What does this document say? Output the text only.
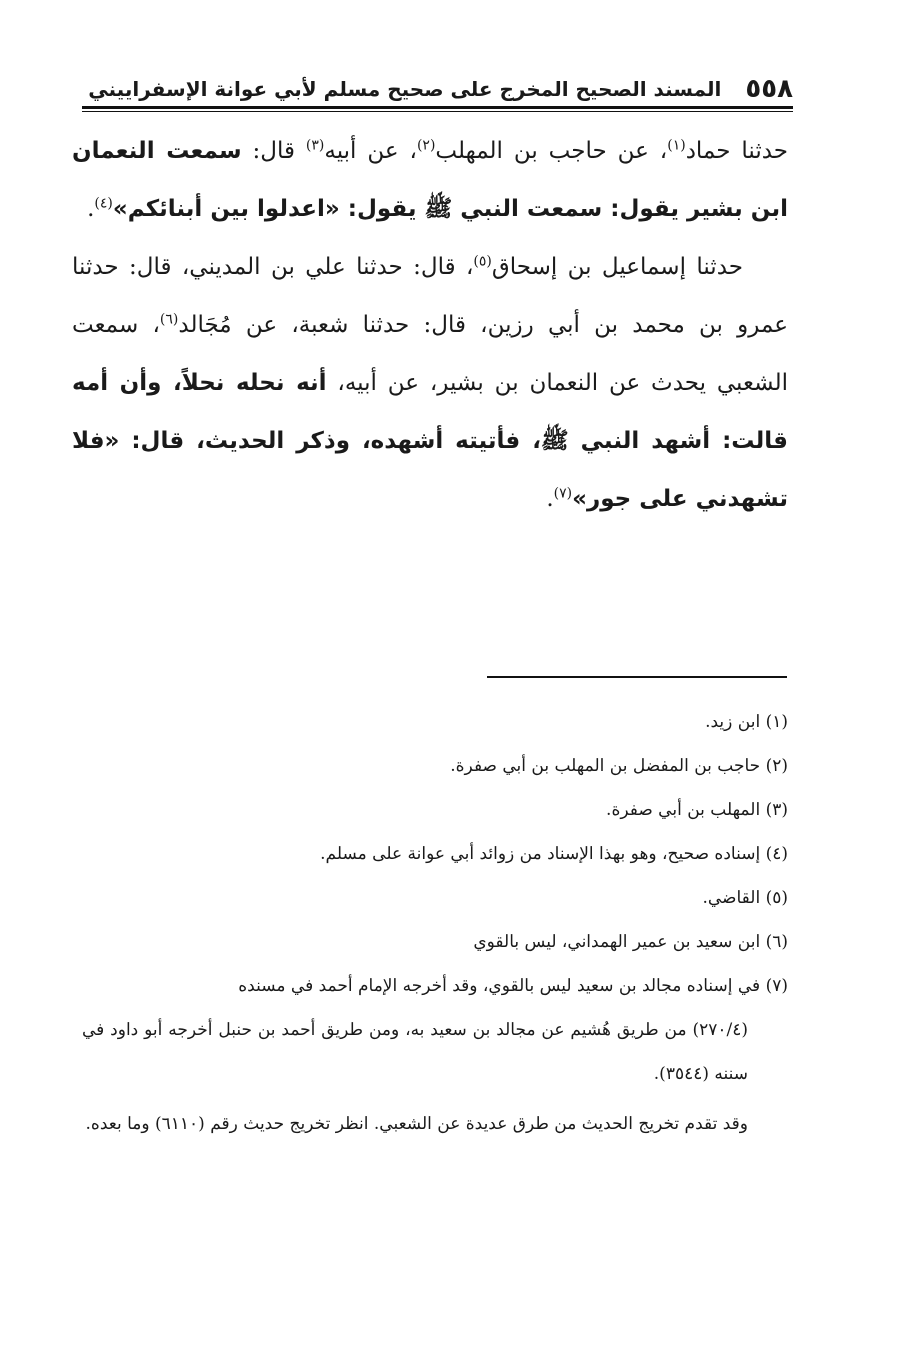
٥٥٨
المسند الصحيح المخرج على صحيح مسلم لأبي عوانة الإسفراييني

حدثنا حماد$^{(١)}$، عن حاجب بن المهلب$^{(٢)}$، عن أبيه$^{(٣)}$ قال: سمعت النعمان ابن بشير يقول: سمعت النبي ﷺ يقول: «اعدلوا بين أبنائكم»$^{(٤)}$.

حدثنا إسماعيل بن إسحاق$^{(٥)}$، قال: حدثنا علي بن المديني، قال: حدثنا عمرو بن محمد بن أبي رزين، قال: حدثنا شعبة، عن مُجَالد$^{(٦)}$، سمعت الشعبي يحدث عن النعمان بن بشير، عن أبيه، أنه نحله نحلاً، وأن أمه قالت: أشهد النبي ﷺ، فأتيته أشهده، وذكر الحديث، قال: «فلا تشهدني على جور»$^{(٧)}$.

(١) ابن زيد.

(٢) حاجب بن المفضل بن المهلب بن أبي صفرة.

(٣) المهلب بن أبي صفرة.

(٤) إسناده صحيح، وهو بهذا الإسناد من زوائد أبي عوانة على مسلم.

(٥) القاضي.

(٦) ابن سعيد بن عمير الهمداني، ليس بالقوي

(٧) في إسناده مجالد بن سعيد ليس بالقوي، وقد أخرجه الإمام أحمد في مسنده

(٢٧٠/٤) من طريق هُشيم عن مجالد بن سعيد به، ومن طريق أحمد بن حنبل أخرجه أبو داود في سننه (٣٥٤٤).

وقد تقدم تخريج الحديث من طرق عديدة عن الشعبي. انظر تخريج حديث رقم (٦١١٠) وما بعده.
